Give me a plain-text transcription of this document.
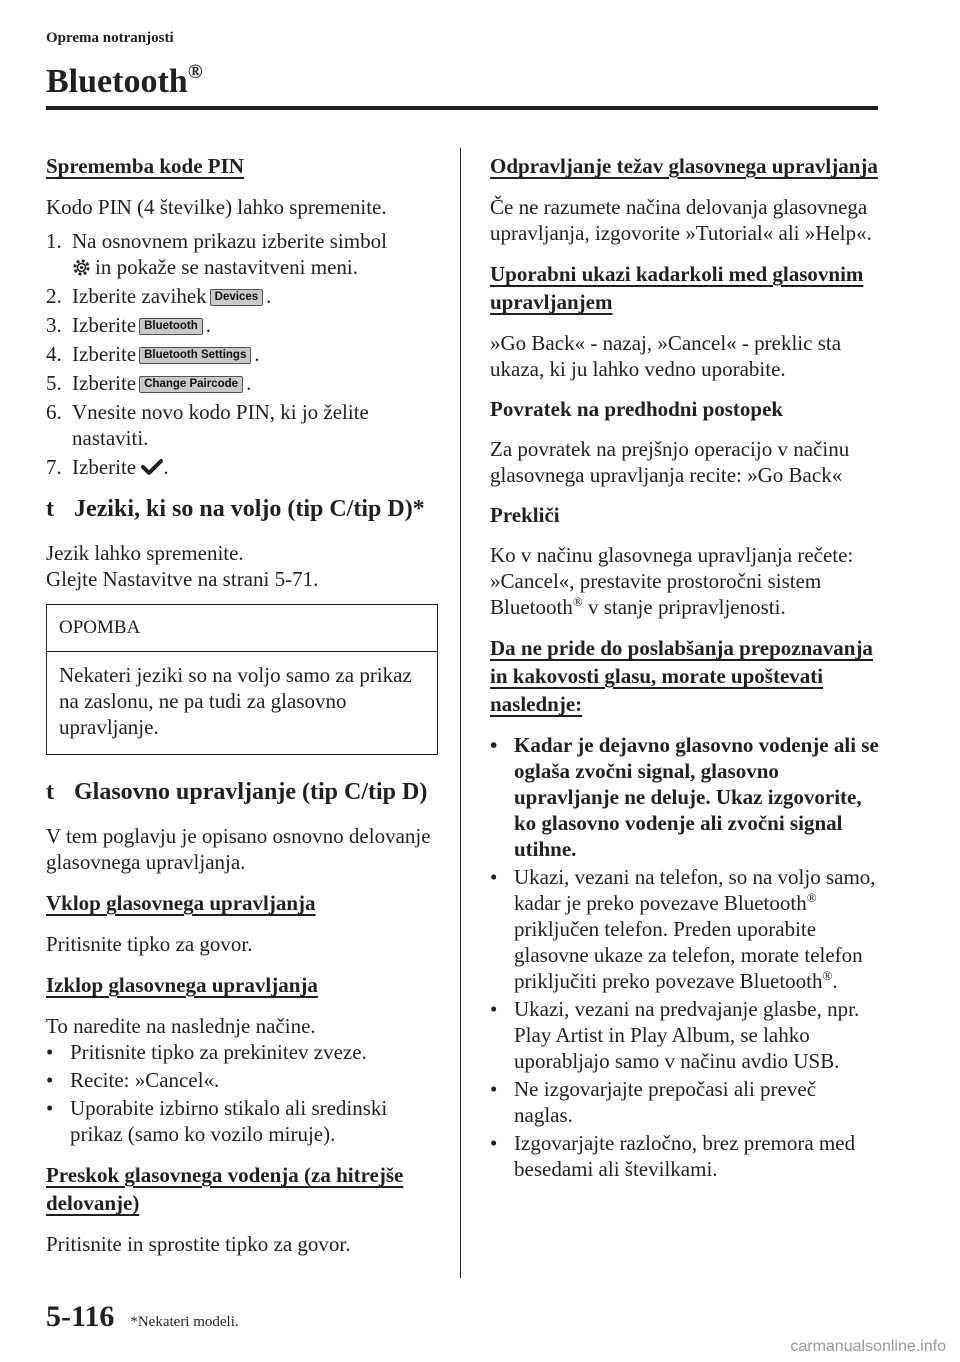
Oprema notranjosti
Bluetooth®
Sprememba kode PIN
Kodo PIN (4 številke) lahko spremenite.
1. Na osnovnem prikazu izberite simbol
in pokaže se nastavitveni meni.
2. Izberite zavihek Devices .
3. Izberite Bluetooth .
4. Izberite Bluetooth Settings .
5. Izberite Change Paircode .
6. Vnesite novo kodo PIN, ki jo želite nastaviti.
7. Izberite .
t Jeziki, ki so na voljo (tip C/tip D)*
Jezik lahko spremenite.
Glejte Nastavitve na strani 5-71.
OPOMBA
Nekateri jeziki so na voljo samo za prikaz na zaslonu, ne pa tudi za glasovno upravljanje.
t Glasovno upravljanje (tip C/tip D)
V tem poglavju je opisano osnovno delovanje glasovnega upravljanja.
Vklop glasovnega upravljanja
Pritisnite tipko za govor.
Izklop glasovnega upravljanja
To naredite na naslednje načine.
• Pritisnite tipko za prekinitev zveze.
• Recite: »Cancel«.
• Uporabite izbirno stikalo ali sredinski prikaz (samo ko vozilo miruje).
Preskok glasovnega vodenja (za hitrejše delovanje)
Pritisnite in sprostite tipko za govor.
Odpravljanje težav glasovnega upravljanja
Če ne razumete načina delovanja glasovnega upravljanja, izgovorite »Tutorial« ali »Help«.
Uporabni ukazi kadarkoli med glasovnim upravljanjem
»Go Back« - nazaj, »Cancel« - preklic sta ukaza, ki ju lahko vedno uporabite.
Povratek na predhodni postopek
Za povratek na prejšnjo operacijo v načinu glasovnega upravljanja recite: »Go Back«
Prekliči
Ko v načinu glasovnega upravljanja rečete: »Cancel«, prestavite prostoročni sistem Bluetooth® v stanje pripravljenosti.
Da ne pride do poslabšanja prepoznavanja in kakovosti glasu, morate upoštevati naslednje:
• Kadar je dejavno glasovno vodenje ali se oglaša zvočni signal, glasovno upravljanje ne deluje. Ukaz izgovorite, ko glasovno vodenje ali zvočni signal utihne.
• Ukazi, vezani na telefon, so na voljo samo, kadar je preko povezave Bluetooth® priključen telefon. Preden uporabite glasovne ukaze za telefon, morate telefon priključiti preko povezave Bluetooth®.
• Ukazi, vezani na predvajanje glasbe, npr. Play Artist in Play Album, se lahko uporabljajo samo v načinu avdio USB.
• Ne izgovarjajte prepočasi ali preveč naglas.
• Izgovarjajte razločno, brez premora med besedami ali številkami.
5-116 *Nekateri modeli.
carmanualsonline.info
